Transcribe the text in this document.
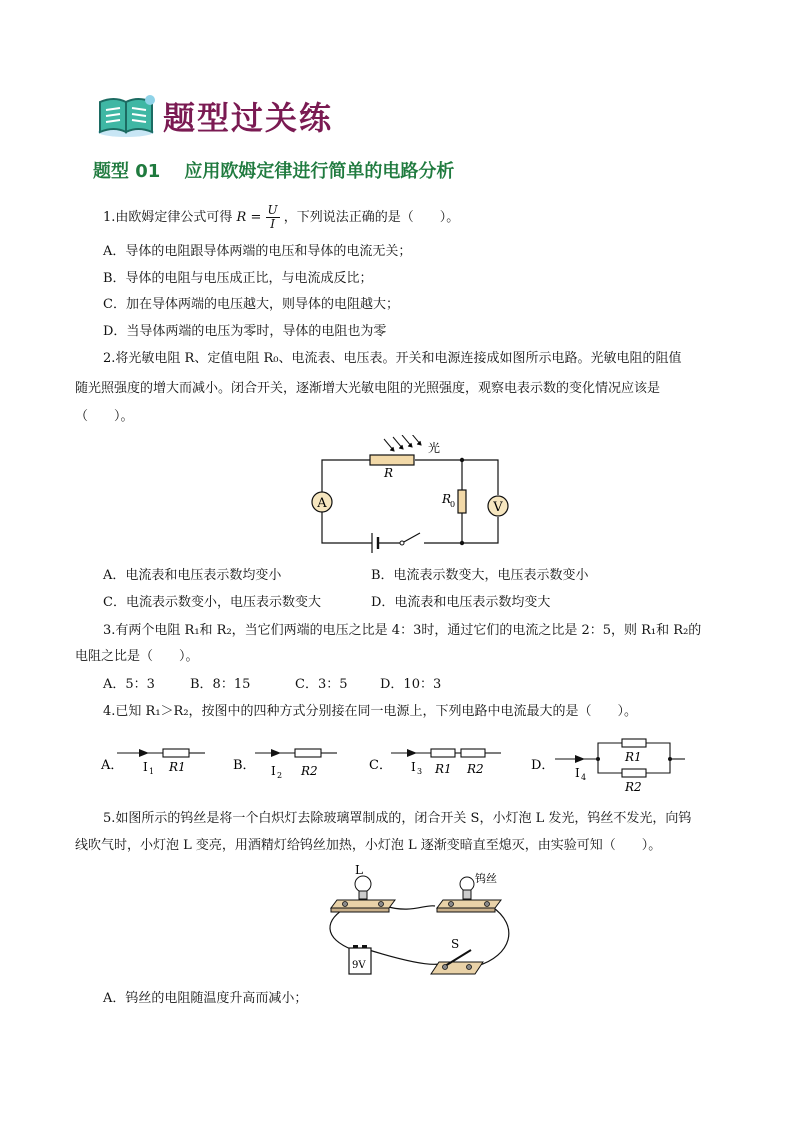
题型过关练
题型 01 应用欧姆定律进行简单的电路分析
1.由欧姆定律公式可得 $R = \frac{U}{I}$ ，下列说法正确的是（　　）。
A．导体的电阻跟导体两端的电压和导体的电流无关；
B．导体的电阻与电压成正比，与电流成反比；
C．加在导体两端的电压越大，则导体的电阻越大；
D．当导体两端的电压为零时，导体的电阻也为零
2.将光敏电阻 R、定值电阻 R₀、电流表、电压表。开关和电源连接成如图所示电路。光敏电阻的阻值
随光照强度的增大而减小。闭合开关，逐渐增大光敏电阻的光照强度，观察电表示数的变化情况应该是
（　　）。
A	V
光
R
R
0
A．电流表和电压表示数均变小	B．电流表示数变大，电压表示数变小
C．电流表示数变小，电压表示数变大	D．电流表和电压表示数均变大
3.有两个电阻 R₁和 R₂，当它们两端的电压之比是 4：3时，通过它们的电流之比是 2：5，则 R₁和 R₂的
电阻之比是（　　）。
A．5：3	B．8：15	C．3：5	D．10：3
4.已知 R₁＞R₂，按图中的四种方式分别接在同一电源上，下列电路中电流最大的是（　　）。
A．	B．	C．	D．
I 1	I 2
I 3	I 4
R1	R2	R1 R2
R1
R2
5.如图所示的钨丝是将一个白炽灯去除玻璃罩制成的，闭合开关 S，小灯泡 L 发光，钨丝不发光，向钨
线吹气时，小灯泡 L 变亮，用酒精灯给钨丝加热，小灯泡 L 逐渐变暗直至熄灭，由实验可知（　　）。
L
钨丝
S
9V
A．钨丝的电阻随温度升高而减小；
